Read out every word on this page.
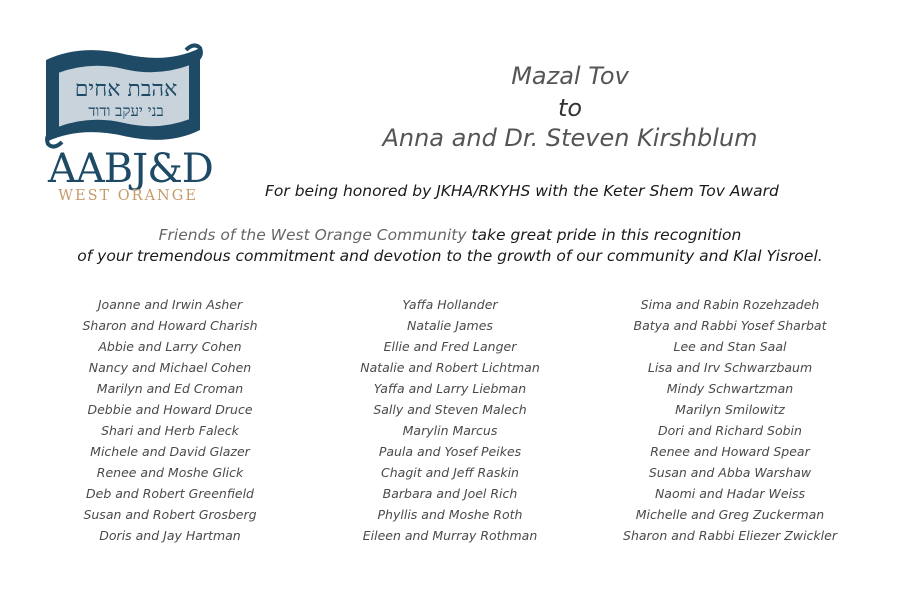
אהבת אחים
בני יעקב ודוד
AABJ&D
WEST ORANGE
Mazal Tov
to
Anna and Dr. Steven Kirshblum
For being honored by JKHA/RKYHS with the Keter Shem Tov Award
Friends of the West Orange Community take great pride in this recognition
of your tremendous commitment and devotion to the growth of our community and Klal Yisroel.
Joanne and Irwin Asher
Sharon and Howard Charish
Abbie and Larry Cohen
Nancy and Michael Cohen
Marilyn and Ed Croman
Debbie and Howard Druce
Shari and Herb Faleck
Michele and David Glazer
Renee and Moshe Glick
Deb and Robert Greenfield
Susan and Robert Grosberg
Doris and Jay Hartman
Yaffa Hollander
Natalie James
Ellie and Fred Langer
Natalie and Robert Lichtman
Yaffa and Larry Liebman
Sally and Steven Malech
Marylin Marcus
Paula and Yosef Peikes
Chagit and Jeff Raskin
Barbara and Joel Rich
Phyllis and Moshe Roth
Eileen and Murray Rothman
Sima and Rabin Rozehzadeh
Batya and Rabbi Yosef Sharbat
Lee and Stan Saal
Lisa and Irv Schwarzbaum
Mindy Schwartzman
Marilyn Smilowitz
Dori and Richard Sobin
Renee and Howard Spear
Susan and Abba Warshaw
Naomi and Hadar Weiss
Michelle and Greg Zuckerman
Sharon and Rabbi Eliezer Zwickler
